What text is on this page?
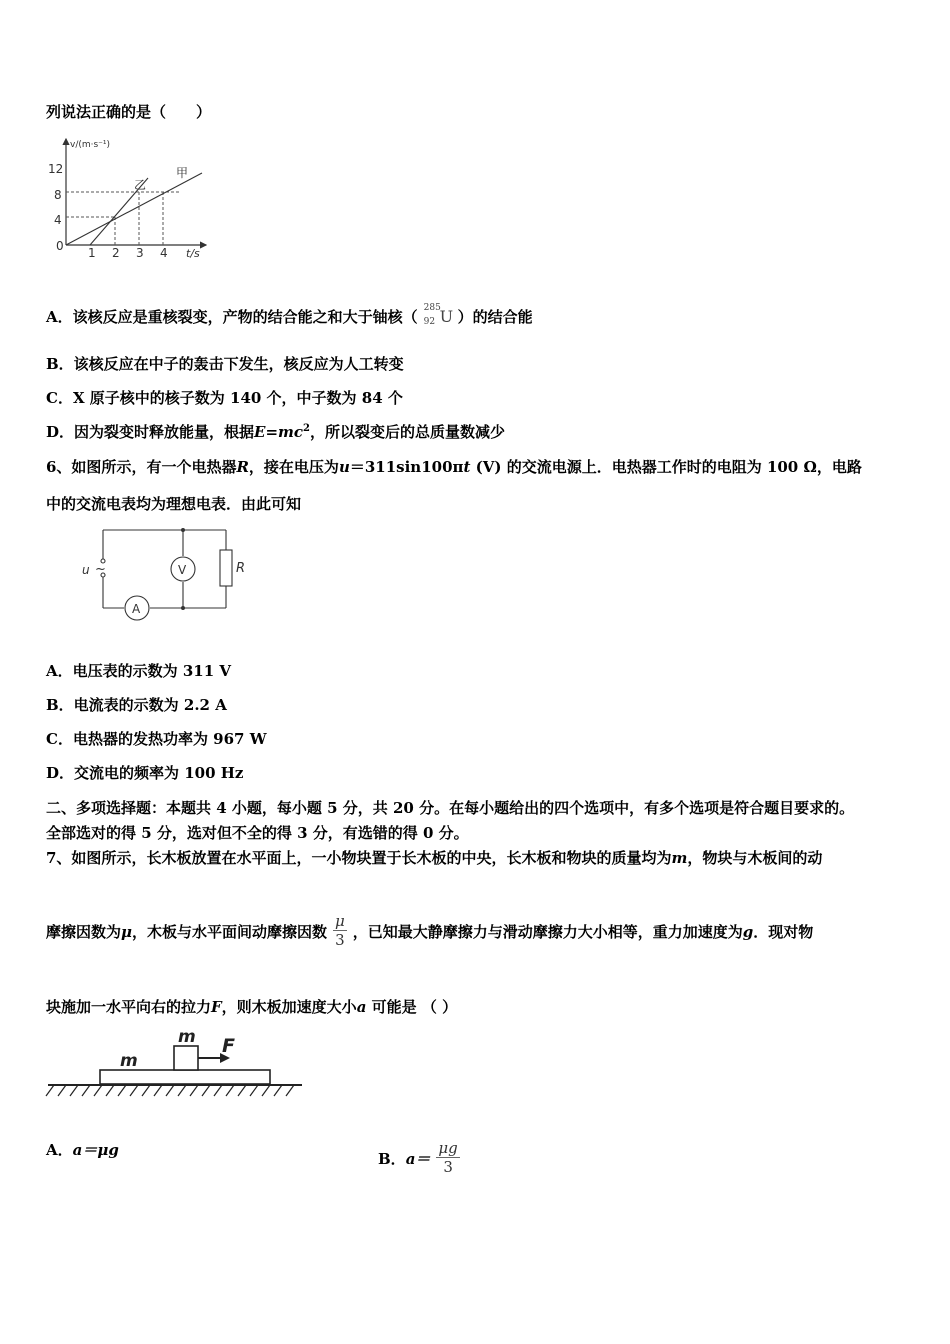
列说法正确的是（　　）
v/(m·s⁻¹)
t/s
12
8
4
0 1 2 3 4
甲
乙
A．该核反应是重核裂变，产物的结合能之和大于铀核（ 285
92 U ）的结合能
B．该核反应在中子的轰击下发生，核反应为人工转变
C．X 原子核中的核子数为 140 个，中子数为 84 个
D．因为裂变时释放能量，根据$E=mc^2$，所以裂变后的总质量数减少
6、如图所示，有一个电热器R，接在电压为u＝311sin100πt (V) 的交流电源上．电热器工作时的电阻为 100 Ω，电路
中的交流电表均为理想电表．由此可知
u ~	V
A
R
A．电压表的示数为 311 V
B．电流表的示数为 2.2 A
C．电热器的发热功率为 967 W
D．交流电的频率为 100 Hz
二、多项选择题：本题共 4 小题，每小题 5 分，共 20 分。在每小题给出的四个选项中，有多个选项是符合题目要求的。
全部选对的得 5 分，选对但不全的得 3 分，有选错的得 0 分。
7、如图所示，长木板放置在水平面上，一小物块置于长木板的中央，长木板和物块的质量均为m，物块与木板间的动
摩擦因数为μ，木板与水平面间动摩擦因数 $\frac{\mu}{3}$ ，已知最大静摩擦力与滑动摩擦力大小相等，重力加速度为g．现对物
块施加一水平向右的拉力F，则木板加速度大小a 可能是 （ ）
m
m
F
A．a＝μg	B．$a= \frac{\mu g}{3}$
